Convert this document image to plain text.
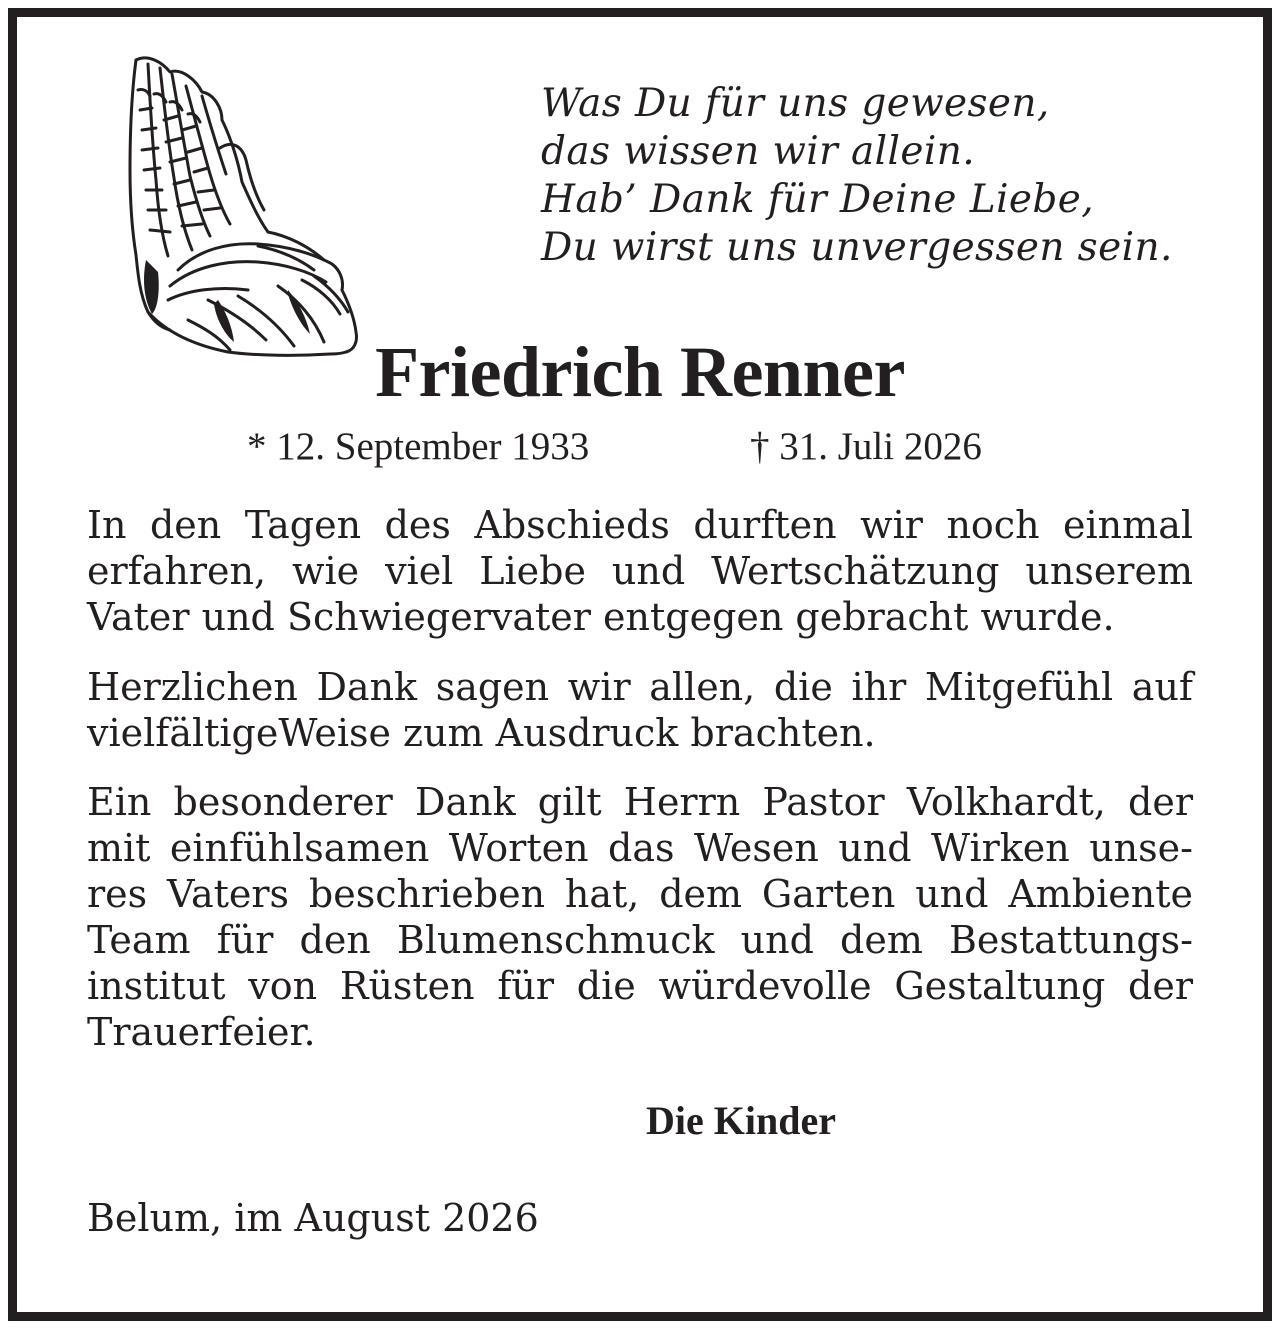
Was Du für uns gewesen,
das wissen wir allein.
Hab’ Dank für Deine Liebe,
Du wirst uns unvergessen sein.
Friedrich Renner
* 12. September 1933	† 31. Juli 2026
In den Tagen des Abschieds durften wir noch einmal
erfahren, wie viel Liebe und Wertschätzung unserem
Vater und Schwiegervater entgegen gebracht wurde.
Herzlichen Dank sagen wir allen, die ihr Mitgefühl auf
vielfältigeWeise zum Ausdruck brachten.
Ein besonderer Dank gilt Herrn Pastor Volkhardt, der
mit einfühlsamen Worten das Wesen und Wirken unse-
res Vaters beschrieben hat, dem Garten und Ambiente
Team für den Blumenschmuck und dem Bestattungs-
institut von Rüsten für die würdevolle Gestaltung der
Trauerfeier.
Die Kinder
Belum, im August 2026
